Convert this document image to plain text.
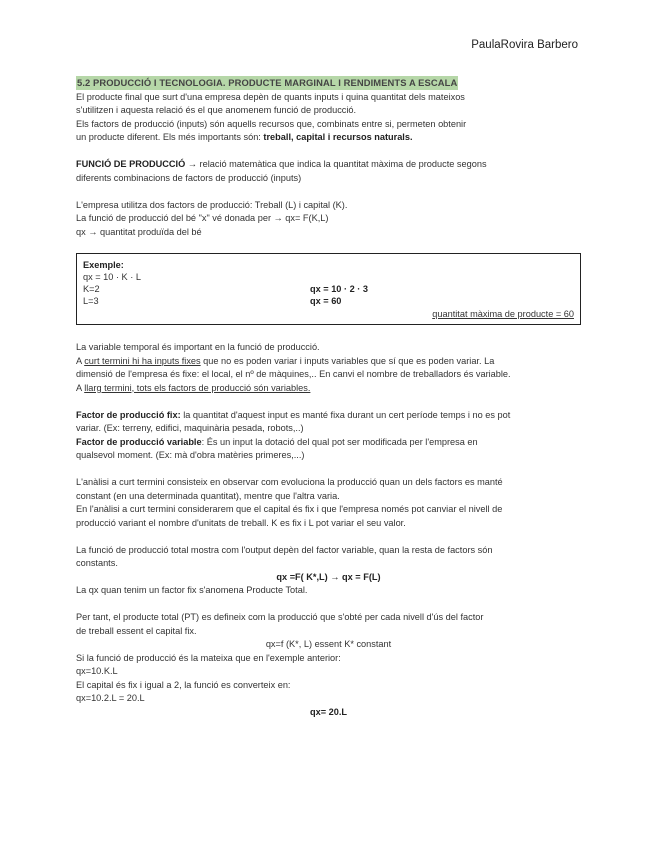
PaulaRovira Barbero

5.2 PRODUCCIÓ I TECNOLOGIA. PRODUCTE MARGINAL I RENDIMENTS A ESCALA

El producte final que surt d'una empresa depèn de quants inputs i quina quantitat dels mateixos

s'utilitzen i aquesta relació és el que anomenem funció de producció.

Els factors de producció (inputs) són aquells recursos que, combinats entre si, permeten obtenir

un producte diferent. Els més importants són: treball, capital i recursos naturals.

FUNCIÓ DE PRODUCCIÓ → relació matemàtica que indica la quantitat màxima de producte segons

diferents combinacions de factors de producció (inputs)

L'empresa utilitza dos factors de producció: Treball (L) i capital (K).

La funció de producció del bé "x" vé donada per → qx= F(K,L)

qx → quantitat produïda del bé

Exemple:
qx = 10 · K · L
K=2
L=3
qx = 10 · 2 · 3
qx = 60
quantitat màxima de producte = 60

La variable temporal és important en la funció de producció.

A curt termini hi ha inputs fixes que no es poden variar i inputs variables que sí que es poden variar. La

dimensió de l'empresa és fixe: el local, el nº de màquines,.. En canvi el nombre de treballadors és variable.

A llarg termini, tots els factors de producció són variables.

Factor de producció fix: la quantitat d'aquest input es manté fixa durant un cert període temps i no es pot

variar. (Ex: terreny, edifici, maquinària pesada, robots,..)

Factor de producció variable: És un input la dotació del qual pot ser modificada per l'empresa en

qualsevol moment. (Ex: mà d'obra matèries primeres,...)

L'anàlisi a curt termini consisteix en observar com evoluciona la producció quan un dels factors es manté

constant (en una determinada quantitat), mentre que l'altra varia.

En l'anàlisi a curt termini considerarem que el capital és fix i que l'empresa només pot canviar el nivell de

producció variant el nombre d'unitats de treball. K es fix i L pot variar el seu valor.

La funció de producció total mostra com l'output depèn del factor variable, quan la resta de factors són

constants.

qx =F( K*,L) → qx = F(L)

La qx quan tenim un factor fix s'anomena Producte Total.

Per tant, el producte total (PT) es defineix com la producció que s'obté per cada nivell d'ús del factor

de treball essent el capital fix.

qx=f (K*, L) essent K* constant

Si la funció de producció és la mateixa que en l'exemple anterior:

qx=10.K.L

El capital és fix i igual a 2, la funció es converteix en:

qx=10.2.L = 20.L

qx= 20.L
